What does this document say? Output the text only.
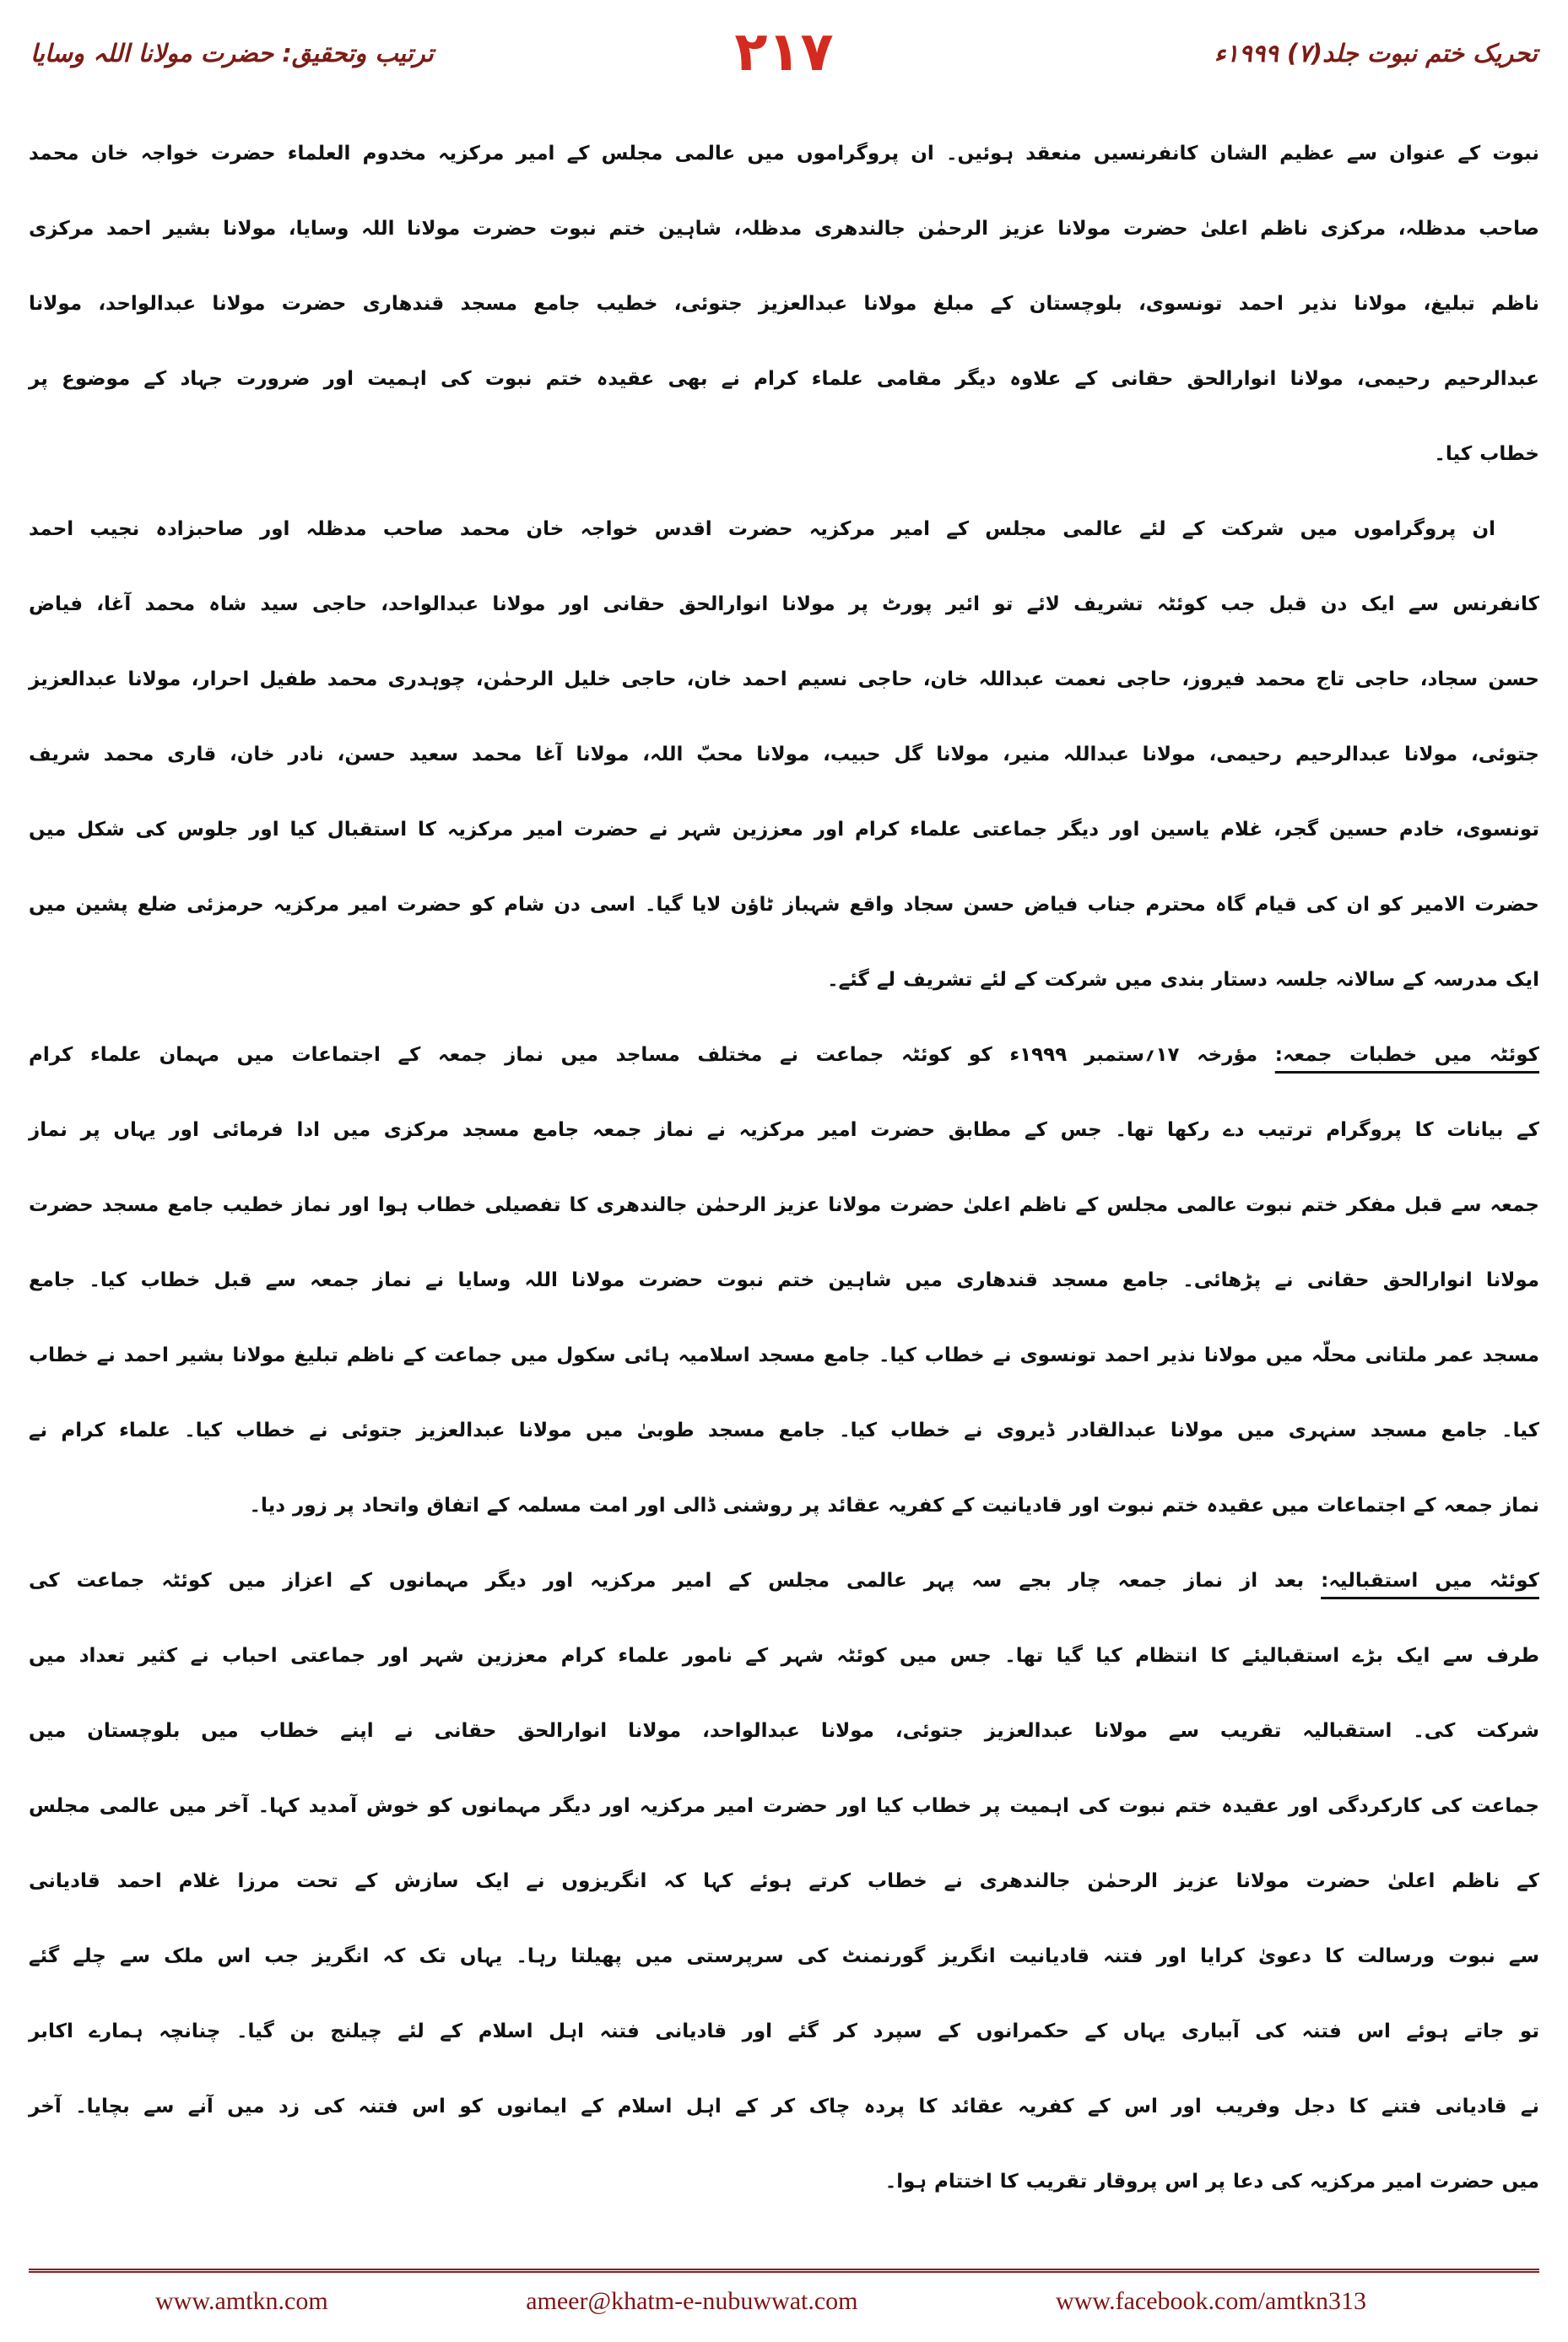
تحریک ختم نبوت جلد(۷) ۱۹۹۹ء
۲۱۷
ترتیب وتحقیق: حضرت مولانا اللہ وسایا
نبوت کے عنوان سے عظیم الشان کانفرنسیں منعقد ہوئیں۔ ان پروگراموں میں عالمی مجلس کے امیر مرکزیہ مخدوم العلماء حضرت خواجہ خان محمد
صاحب مدظلہ، مرکزی ناظم اعلیٰ حضرت مولانا عزیز الرحمٰن جالندھری مدظلہ، شاہین ختم نبوت حضرت مولانا اللہ وسایا، مولانا بشیر احمد مرکزی
ناظم تبلیغ، مولانا نذیر احمد تونسوی، بلوچستان کے مبلغ مولانا عبدالعزیز جتوئی، خطیب جامع مسجد قندھاری حضرت مولانا عبدالواحد، مولانا
عبدالرحیم رحیمی، مولانا انوارالحق حقانی کے علاوہ دیگر مقامی علماء کرام نے بھی عقیدہ ختم نبوت کی اہمیت اور ضرورت جہاد کے موضوع پر
خطاب کیا۔
ان پروگراموں میں شرکت کے لئے عالمی مجلس کے امیر مرکزیہ حضرت اقدس خواجہ خان محمد صاحب مدظلہ اور صاحبزادہ نجیب احمد
کانفرنس سے ایک دن قبل جب کوئٹہ تشریف لائے تو ائیر پورٹ پر مولانا انوارالحق حقانی اور مولانا عبدالواحد، حاجی سید شاہ محمد آغا، فیاض
حسن سجاد، حاجی تاج محمد فیروز، حاجی نعمت عبداللہ خان، حاجی نسیم احمد خان، حاجی خلیل الرحمٰن، چوہدری محمد طفیل احرار، مولانا عبدالعزیز
جتوئی، مولانا عبدالرحیم رحیمی، مولانا عبداللہ منیر، مولانا گل حبیب، مولانا محبّ اللہ، مولانا آغا محمد سعید حسن، نادر خان، قاری محمد شریف
تونسوی، خادم حسین گجر، غلام یاسین اور دیگر جماعتی علماء کرام اور معززین شہر نے حضرت امیر مرکزیہ کا استقبال کیا اور جلوس کی شکل میں
حضرت الامیر کو ان کی قیام گاہ محترم جناب فیاض حسن سجاد واقع شہباز ٹاؤن لایا گیا۔ اسی دن شام کو حضرت امیر مرکزیہ حرمزئی ضلع پشین میں
ایک مدرسہ کے سالانہ جلسہ دستار بندی میں شرکت کے لئے تشریف لے گئے۔
کوئٹہ میں خطبات جمعہ: مؤرخہ ۱۷؍ستمبر ۱۹۹۹ء کو کوئٹہ جماعت نے مختلف مساجد میں نماز جمعہ کے اجتماعات میں مہمان علماء کرام
کے بیانات کا پروگرام ترتیب دے رکھا تھا۔ جس کے مطابق حضرت امیر مرکزیہ نے نماز جمعہ جامع مسجد مرکزی میں ادا فرمائی اور یہاں پر نماز
جمعہ سے قبل مفکر ختم نبوت عالمی مجلس کے ناظم اعلیٰ حضرت مولانا عزیز الرحمٰن جالندھری کا تفصیلی خطاب ہوا اور نماز خطیب جامع مسجد حضرت
مولانا انوارالحق حقانی نے پڑھائی۔ جامع مسجد قندھاری میں شاہین ختم نبوت حضرت مولانا اللہ وسایا نے نماز جمعہ سے قبل خطاب کیا۔ جامع
مسجد عمر ملتانی محلّہ میں مولانا نذیر احمد تونسوی نے خطاب کیا۔ جامع مسجد اسلامیہ ہائی سکول میں جماعت کے ناظم تبلیغ مولانا بشیر احمد نے خطاب
کیا۔ جامع مسجد سنہری میں مولانا عبدالقادر ڈیروی نے خطاب کیا۔ جامع مسجد طوبیٰ میں مولانا عبدالعزیز جتوئی نے خطاب کیا۔ علماء کرام نے
نماز جمعہ کے اجتماعات میں عقیدہ ختم نبوت اور قادیانیت کے کفریہ عقائد پر روشنی ڈالی اور امت مسلمہ کے اتفاق واتحاد پر زور دیا۔
کوئٹہ میں استقبالیہ: بعد از نماز جمعہ چار بجے سہ پہر عالمی مجلس کے امیر مرکزیہ اور دیگر مہمانوں کے اعزاز میں کوئٹہ جماعت کی
طرف سے ایک بڑے استقبالیئے کا انتظام کیا گیا تھا۔ جس میں کوئٹہ شہر کے نامور علماء کرام معززین شہر اور جماعتی احباب نے کثیر تعداد میں
شرکت کی۔ استقبالیہ تقریب سے مولانا عبدالعزیز جتوئی، مولانا عبدالواحد، مولانا انوارالحق حقانی نے اپنے خطاب میں بلوچستان میں
جماعت کی کارکردگی اور عقیدہ ختم نبوت کی اہمیت پر خطاب کیا اور حضرت امیر مرکزیہ اور دیگر مہمانوں کو خوش آمدید کہا۔ آخر میں عالمی مجلس
کے ناظم اعلیٰ حضرت مولانا عزیز الرحمٰن جالندھری نے خطاب کرتے ہوئے کہا کہ انگریزوں نے ایک سازش کے تحت مرزا غلام احمد قادیانی
سے نبوت ورسالت کا دعویٰ کرایا اور فتنہ قادیانیت انگریز گورنمنٹ کی سرپرستی میں پھیلتا رہا۔ یہاں تک کہ انگریز جب اس ملک سے چلے گئے
تو جاتے ہوئے اس فتنہ کی آبیاری یہاں کے حکمرانوں کے سپرد کر گئے اور قادیانی فتنہ اہل اسلام کے لئے چیلنج بن گیا۔ چنانچہ ہمارے اکابر
نے قادیانی فتنے کا دجل وفریب اور اس کے کفریہ عقائد کا پردہ چاک کر کے اہل اسلام کے ایمانوں کو اس فتنہ کی زد میں آنے سے بچایا۔ آخر
میں حضرت امیر مرکزیہ کی دعا پر اس پروقار تقریب کا اختتام ہوا۔
www.amtkn.com	ameer@khatm-e-nubuwwat.com	www.facebook.com/amtkn313
